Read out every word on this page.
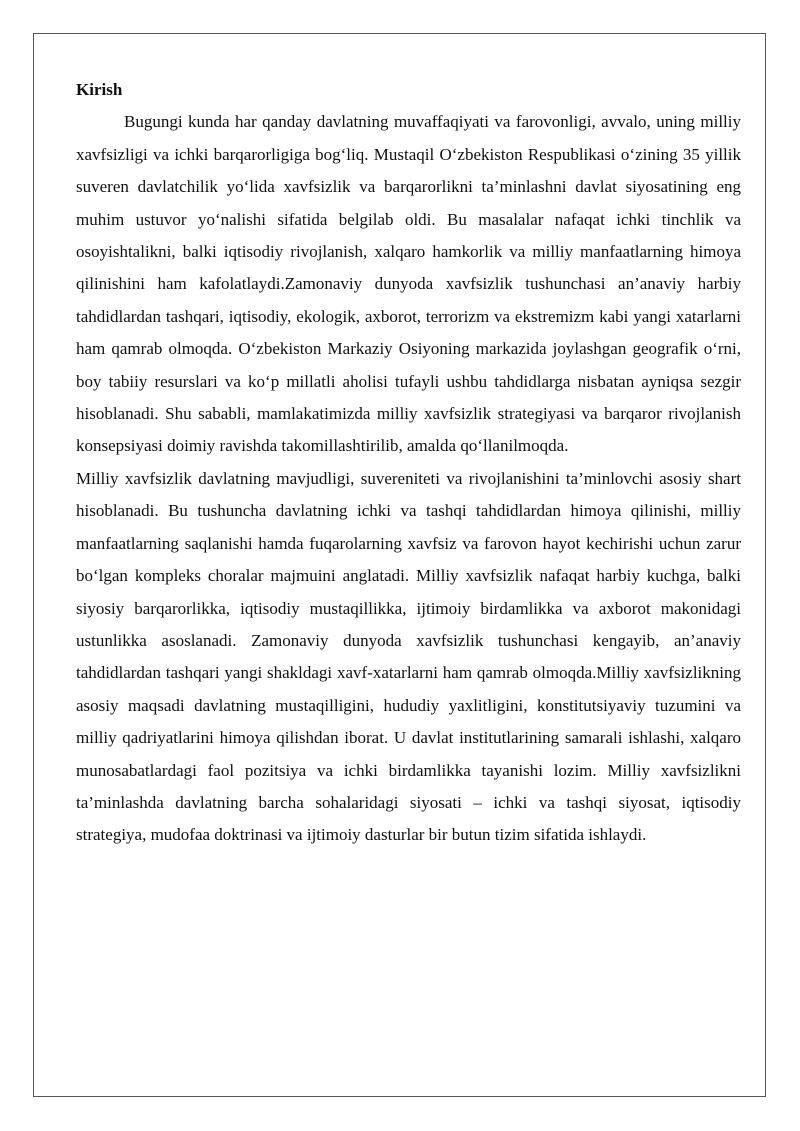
Kirish

Bugungi kunda har qanday davlatning muvaffaqiyati va farovonligi, avvalo, uning milliy xavfsizligi va ichki barqarorligiga bogʻliq. Mustaqil Oʻzbekiston Respublikasi oʻzining 35 yillik suveren davlatchilik yoʻlida xavfsizlik va barqarorlikni ta’minlashni davlat siyosatining eng muhim ustuvor yoʻnalishi sifatida belgilab oldi. Bu masalalar nafaqat ichki tinchlik va osoyishtalikni, balki iqtisodiy rivojlanish, xalqaro hamkorlik va milliy manfaatlarning himoya qilinishini ham kafolatlaydi.Zamonaviy dunyoda xavfsizlik tushunchasi an’anaviy harbiy tahdidlardan tashqari, iqtisodiy, ekologik, axborot, terrorizm va ekstremizm kabi yangi xatarlarni ham qamrab olmoqda. Oʻzbekiston Markaziy Osiyoning markazida joylashgan geografik oʻrni, boy tabiiy resurslari va koʻp millatli aholisi tufayli ushbu tahdidlarga nisbatan ayniqsa sezgir hisoblanadi. Shu sababli, mamlakatimizda milliy xavfsizlik strategiyasi va barqaror rivojlanish konsepsiyasi doimiy ravishda takomillashtirilib, amalda qoʻllanilmoqda.

Milliy xavfsizlik davlatning mavjudligi, suvereniteti va rivojlanishini ta’minlovchi asosiy shart hisoblanadi. Bu tushuncha davlatning ichki va tashqi tahdidlardan himoya qilinishi, milliy manfaatlarning saqlanishi hamda fuqarolarning xavfsiz va farovon hayot kechirishi uchun zarur boʻlgan kompleks choralar majmuini anglatadi. Milliy xavfsizlik nafaqat harbiy kuchga, balki siyosiy barqarorlikka, iqtisodiy mustaqillikka, ijtimoiy birdamlikka va axborot makonidagi ustunlikka asoslanadi. Zamonaviy dunyoda xavfsizlik tushunchasi kengayib, an’anaviy tahdidlardan tashqari yangi shakldagi xavf-xatarlarni ham qamrab olmoqda.Milliy xavfsizlikning asosiy maqsadi davlatning mustaqilligini, hududiy yaxlitligini, konstitutsiyaviy tuzumini va milliy qadriyatlarini himoya qilishdan iborat. U davlat institutlarining samarali ishlashi, xalqaro munosabatlardagi faol pozitsiya va ichki birdamlikka tayanishi lozim. Milliy xavfsizlikni ta’minlashda davlatning barcha sohalaridagi siyosati – ichki va tashqi siyosat, iqtisodiy strategiya, mudofaa doktrinasi va ijtimoiy dasturlar bir butun tizim sifatida ishlaydi.
